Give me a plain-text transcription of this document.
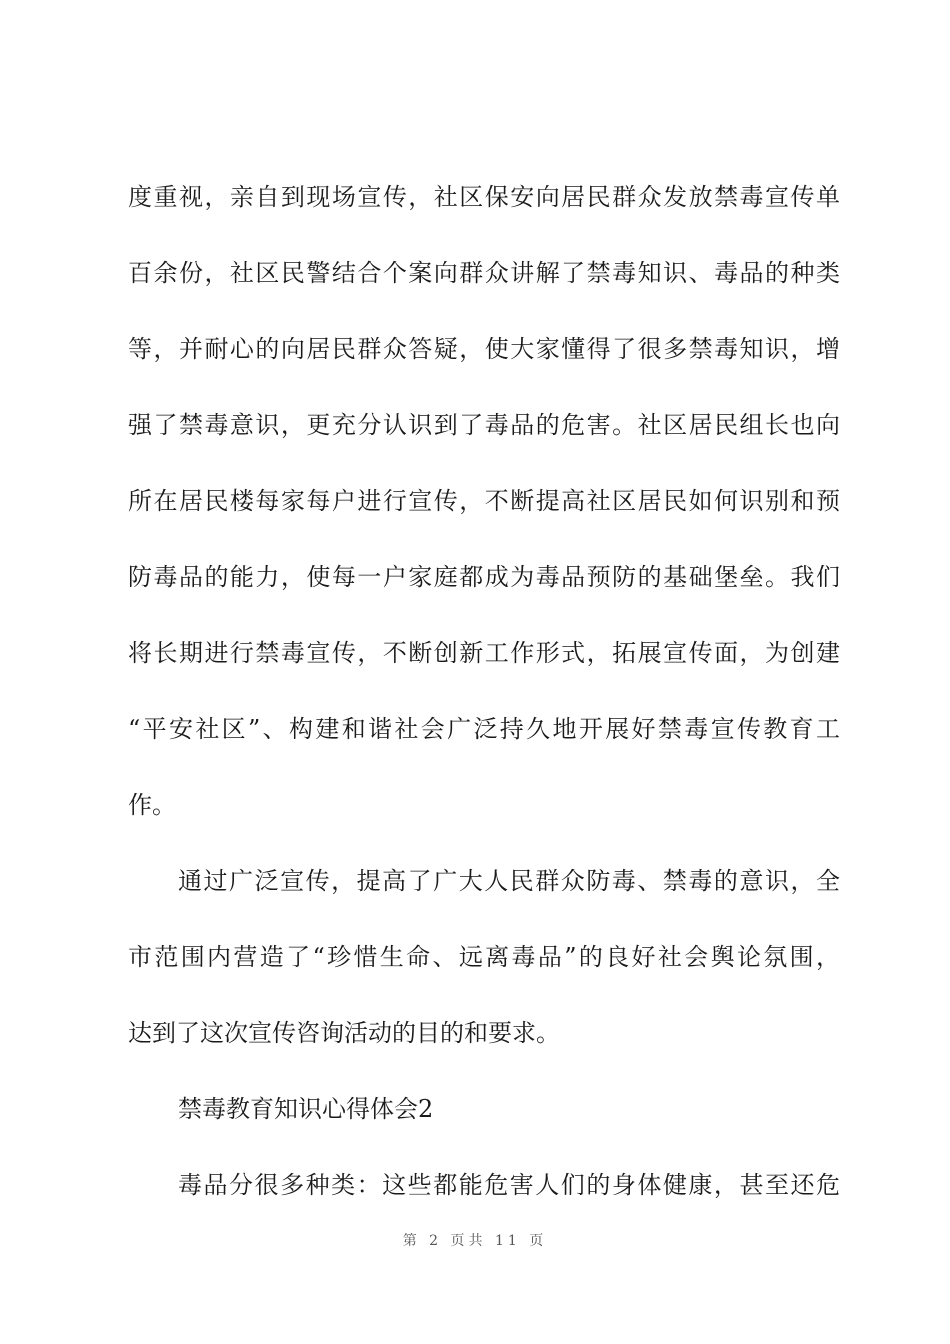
度重视，亲自到现场宣传，社区保安向居民群众发放禁毒宣传单
百余份，社区民警结合个案向群众讲解了禁毒知识、毒品的种类
等，并耐心的向居民群众答疑，使大家懂得了很多禁毒知识，增
强了禁毒意识，更充分认识到了毒品的危害。社区居民组长也向
所在居民楼每家每户进行宣传，不断提高社区居民如何识别和预
防毒品的能力，使每一户家庭都成为毒品预防的基础堡垒。我们
将长期进行禁毒宣传，不断创新工作形式，拓展宣传面，为创建
“平安社区”、构建和谐社会广泛持久地开展好禁毒宣传教育工
作。
通过广泛宣传，提高了广大人民群众防毒、禁毒的意识，全
市范围内营造了“珍惜生命、远离毒品”的良好社会舆论氛围，
达到了这次宣传咨询活动的目的和要求。
禁毒教育知识心得体会2
毒品分很多种类：这些都能危害人们的身体健康，甚至还危
第 2 页共 11 页
